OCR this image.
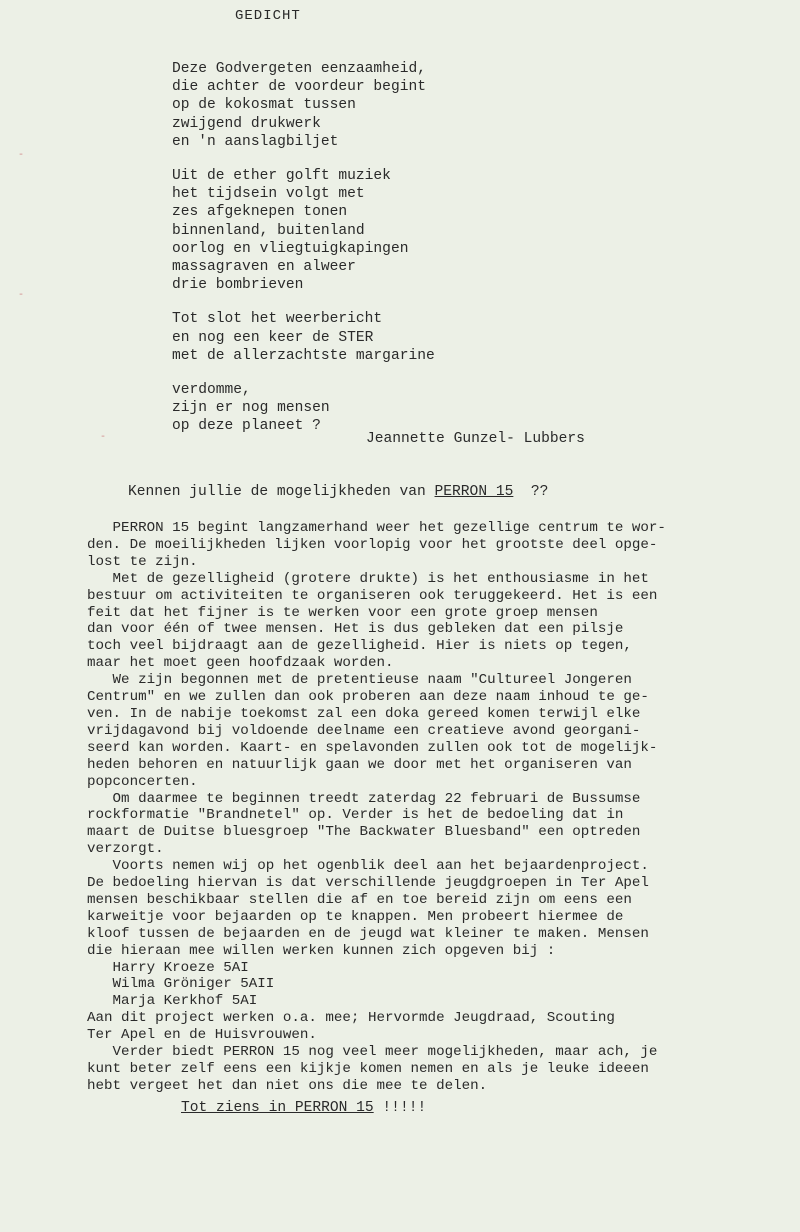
-
-
-
GEDICHT
Deze Godvergeten eenzaamheid,
die achter de voordeur begint
op de kokosmat tussen
zwijgend drukwerk
en 'n aanslagbiljet
Uit de ether golft muziek
het tijdsein volgt met
zes afgeknepen tonen
binnenland, buitenland
oorlog en vliegtuigkapingen
massagraven en alweer
drie bombrieven
Tot slot het weerbericht
en nog een keer de STER
met de allerzachtste margarine
verdomme,
zijn er nog mensen
op deze planeet ?
Jeannette Gunzel- Lubbers
Kennen jullie de mogelijkheden van PERRON 15  ??
PERRON 15 begint langzamerhand weer het gezellige centrum te wor-
den. De moeilijkheden lijken voorlopig voor het grootste deel opge-
lost te zijn.
Met de gezelligheid (grotere drukte) is het enthousiasme in het
bestuur om activiteiten te organiseren ook teruggekeerd. Het is een
feit dat het fijner is te werken voor een grote groep mensen
dan voor één of twee mensen. Het is dus gebleken dat een pilsje
toch veel bijdraagt aan de gezelligheid. Hier is niets op tegen,
maar het moet geen hoofdzaak worden.
We zijn begonnen met de pretentieuse naam "Cultureel Jongeren
Centrum" en we zullen dan ook proberen aan deze naam inhoud te ge-
ven. In de nabije toekomst zal een doka gereed komen terwijl elke
vrijdagavond bij voldoende deelname een creatieve avond georgani-
seerd kan worden. Kaart- en spelavonden zullen ook tot de mogelijk-
heden behoren en natuurlijk gaan we door met het organiseren van
popconcerten.
Om daarmee te beginnen treedt zaterdag 22 februari de Bussumse
rockformatie "Brandnetel" op. Verder is het de bedoeling dat in
maart de Duitse bluesgroep "The Backwater Bluesband" een optreden
verzorgt.
Voorts nemen wij op het ogenblik deel aan het bejaardenproject.
De bedoeling hiervan is dat verschillende jeugdgroepen in Ter Apel
mensen beschikbaar stellen die af en toe bereid zijn om eens een
karweitje voor bejaarden op te knappen. Men probeert hiermee de
kloof tussen de bejaarden en de jeugd wat kleiner te maken. Mensen
die hieraan mee willen werken kunnen zich opgeven bij :
Harry Kroeze 5AI
Wilma Gröniger 5AII
Marja Kerkhof 5AI
Aan dit project werken o.a. mee; Hervormde Jeugdraad, Scouting
Ter Apel en de Huisvrouwen.
Verder biedt PERRON 15 nog veel meer mogelijkheden, maar ach, je
kunt beter zelf eens een kijkje komen nemen en als je leuke ideeen
hebt vergeet het dan niet ons die mee te delen.
Tot ziens in PERRON 15 !!!!!
